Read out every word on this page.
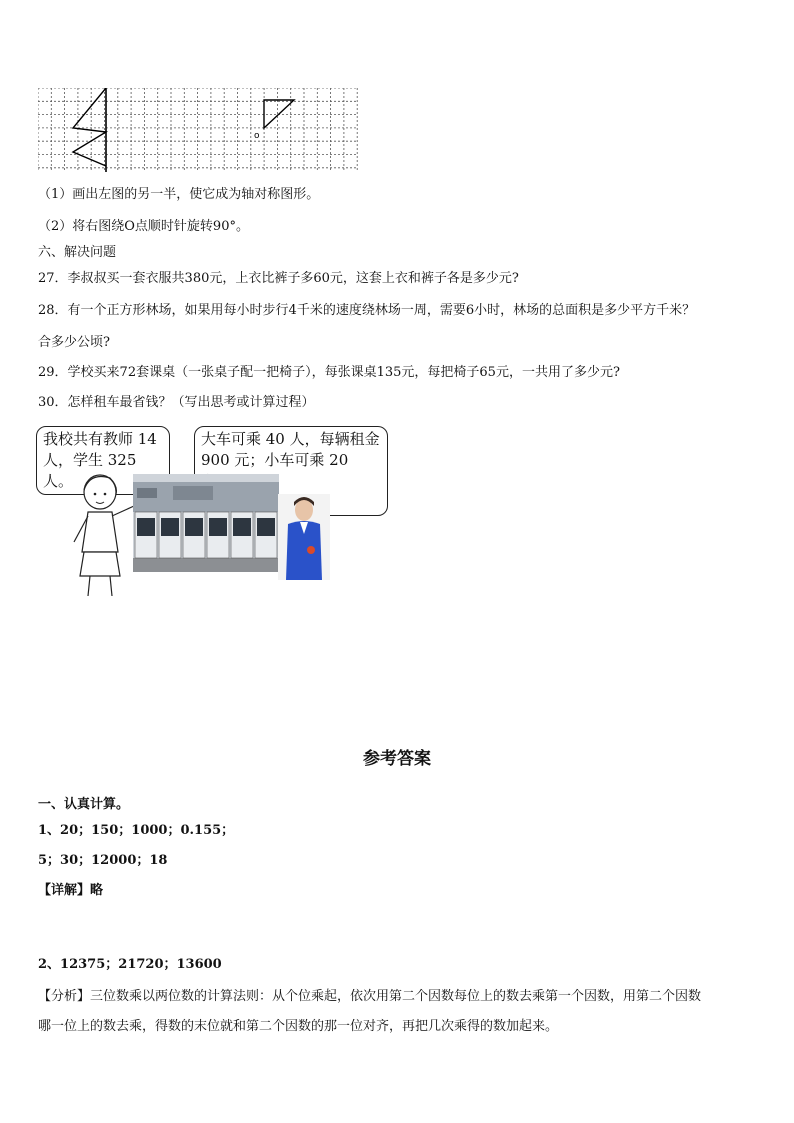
o
（1）画出左图的另一半，使它成为轴对称图形。
（2）将右图绕O点顺时针旋转90°。
六、解决问题
27．李叔叔买一套衣服共380元，上衣比裤子多60元，这套上衣和裤子各是多少元?
28．有一个正方形林场，如果用每小时步行4千米的速度绕林场一周，需要6小时，林场的总面积是多少平方千米？
合多少公顷?
29．学校买来72套课桌（一张桌子配一把椅子），每张课桌135元，每把椅子65元，一共用了多少元?
30．怎样租车最省钱？（写出思考或计算过程）
我校共有教师 14
人，学生 325 人。
大车可乘 40 人，每辆租金
900 元；小车可乘 20
参考答案
一、认真计算。
1、20；150；1000；0.155；
5；30；12000；18
【详解】略
2、12375；21720；13600
【分析】三位数乘以两位数的计算法则：从个位乘起，依次用第二个因数每位上的数去乘第一个因数，用第二个因数
哪一位上的数去乘，得数的末位就和第二个因数的那一位对齐，再把几次乘得的数加起来。
